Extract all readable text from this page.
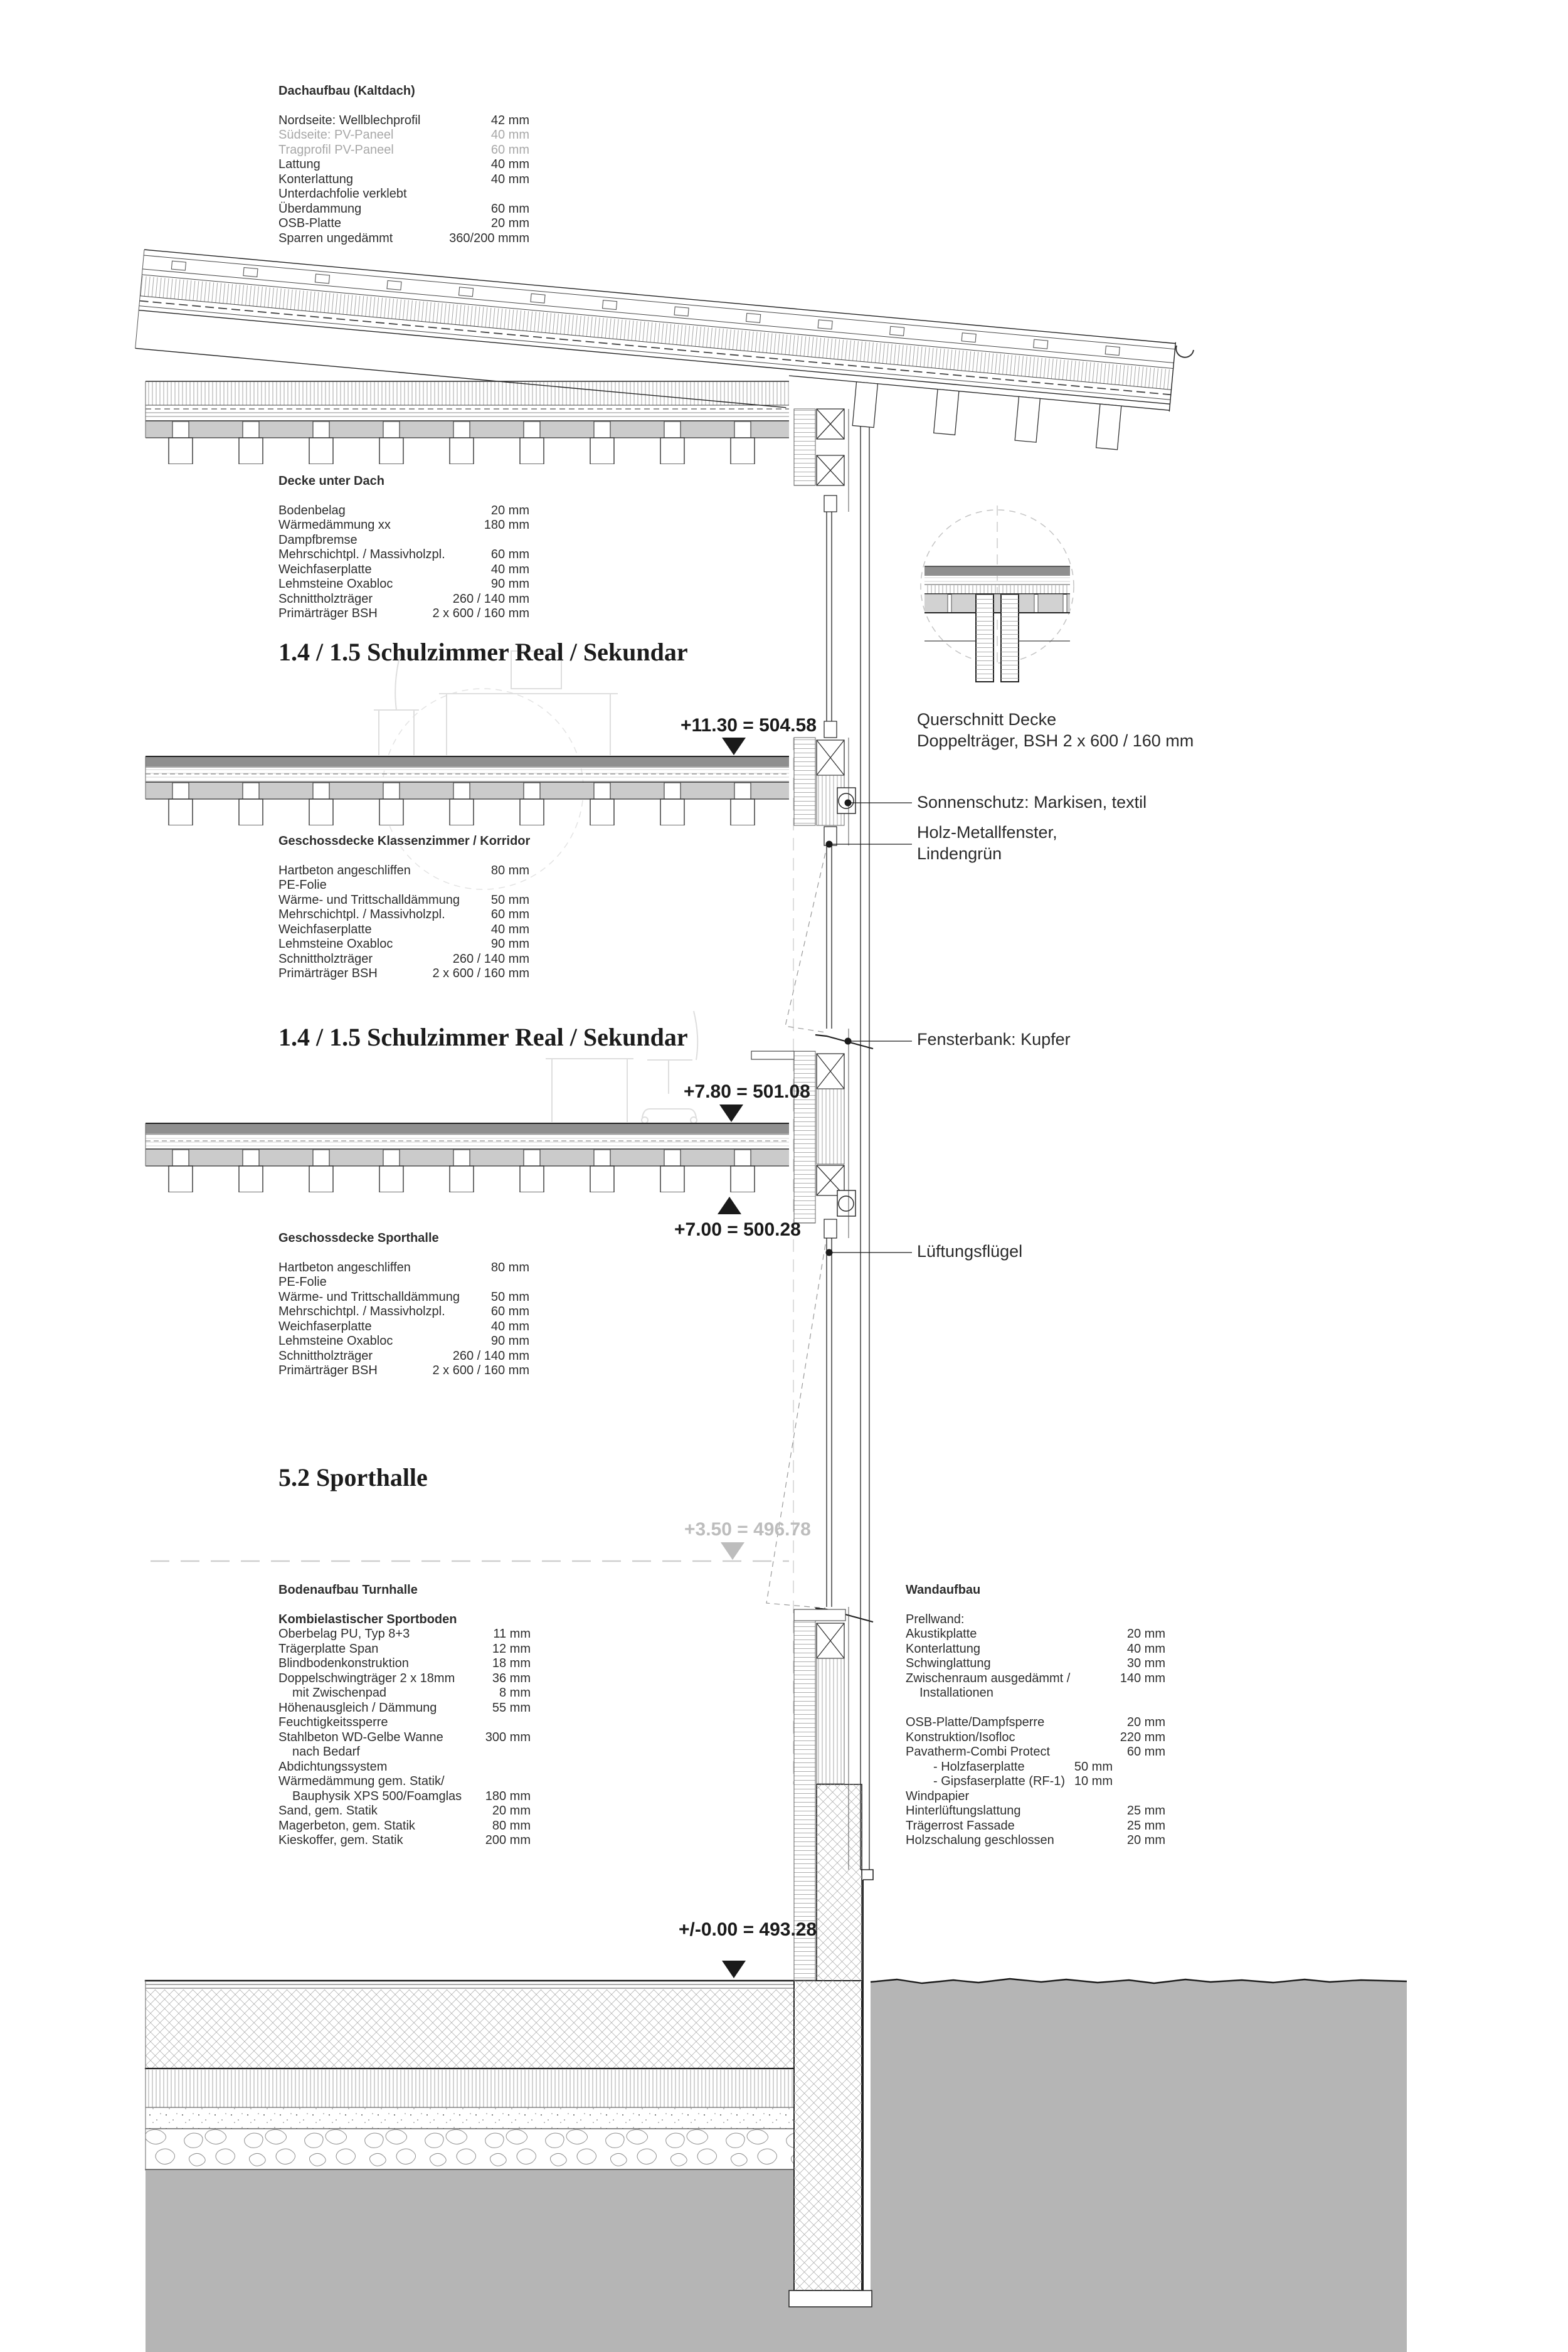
Dachaufbau (Kaltdach)
Nordseite: Wellblechprofil	42 mm
Südseite: PV-Paneel	40 mm
Tragprofil PV-Paneel	60 mm
Lattung	40 mm
Konterlattung	40 mm
Unterdachfolie verklebt
Überdammung	60 mm
OSB-Platte	20 mm
Sparren ungedämmt	360/200 mmm
Decke unter Dach
Bodenbelag	20 mm
Wärmedämmung xx	180 mm
Dampfbremse
Mehrschichtpl. / Massivholzpl.	60 mm
Weichfaserplatte	40 mm
Lehmsteine Oxabloc	90 mm
Schnittholzträger	260 / 140 mm
Primärträger BSH	2 x 600 / 160 mm
1.4 / 1.5 Schulzimmer Real / Sekundar
Geschossdecke Klassenzimmer / Korridor
Hartbeton angeschliffen	80 mm
PE-Folie
Wärme- und Trittschalldämmung 50 mm
Mehrschichtpl. / Massivholzpl.	60 mm
Weichfaserplatte	40 mm
Lehmsteine Oxabloc	90 mm
Schnittholzträger	260 / 140 mm
Primärträger BSH	2 x 600 / 160 mm
1.4 / 1.5 Schulzimmer Real / Sekundar
Geschossdecke Sporthalle
Hartbeton angeschliffen	80 mm
PE-Folie
Wärme- und Trittschalldämmung 50 mm
Mehrschichtpl. / Massivholzpl.	60 mm
Weichfaserplatte	40 mm
Lehmsteine Oxabloc	90 mm
Schnittholzträger	260 / 140 mm
Primärträger BSH	2 x 600 / 160 mm
5.2 Sporthalle
Bodenaufbau Turnhalle
Kombielastischer Sportboden
Oberbelag PU, Typ 8+3	11 mm
Trägerplatte Span	12 mm
Blindbodenkonstruktion	18 mm
Doppelschwingträger 2 x 18mm	36 mm
mit Zwischenpad	8 mm
Höhenausgleich / Dämmung	55 mm
Feuchtigkeitssperre
Stahlbeton WD-Gelbe Wanne	300 mm
nach Bedarf
Abdichtungssystem
Wärmedämmung gem. Statik/
Bauphysik XPS 500/Foamglas 180 mm
Sand, gem. Statik	20 mm
Magerbeton, gem. Statik	80 mm
Kieskoffer, gem. Statik	200 mm
Wandaufbau
Prellwand:
Akustikplatte	20 mm
Konterlattung	40 mm
Schwinglattung	30 mm
Zwischenraum ausgedämmt /	140 mm
Installationen
OSB-Platte/Dampfsperre	20 mm
Konstruktion/Isofloc	220 mm
Pavatherm-Combi Protect	60 mm
- Holzfaserplatte	50 mm
- Gipsfaserplatte (RF-1) 10 mm
Windpapier
Hinterlüftungslattung	25 mm
Trägerrost Fassade	25 mm
Holzschalung geschlossen	20 mm
+11.30 = 504.58
+7.80 = 501.08
+7.00 = 500.28
+3.50 = 496.78
+/-0.00 = 493.28
Querschnitt Decke
Doppelträger, BSH 2 x 600 / 160 mm
Sonnenschutz: Markisen, textil
Holz-Metallfenster,
Lindengrün
Fensterbank: Kupfer
Lüftungsflügel
